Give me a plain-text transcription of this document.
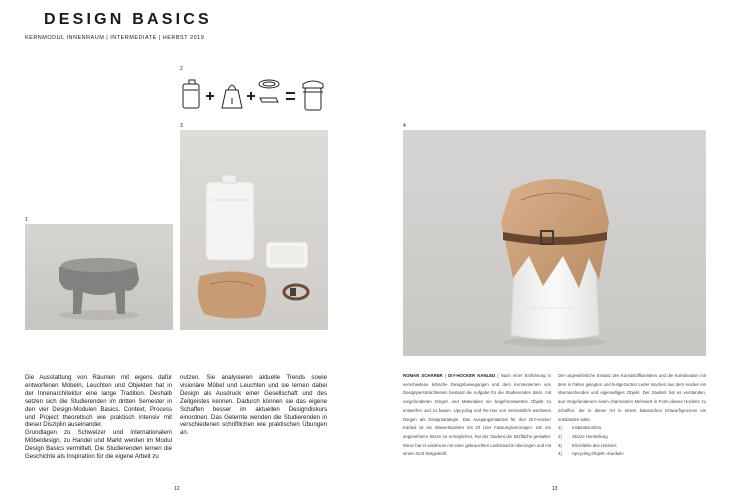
DESIGN BASICS
KERNMODUL INNENRAUM | INTERMEDIATE | HERBST 2019
1
2
3	4

Die Ausstattung von Räumen mit eigens dafür entworfenen Möbeln, Leuchten und Objekten hat in der Innenarchitektur eine lange Tradition. Deshalb setzen sich die Studierenden im dritten Semester in den vier Design-Modulen Basics, Context, Process und Project theoretisch wie praktisch intensiv mit dieser Disziplin auseinander.

Grundlagen zu Schweizer und internationalem Möbeldesign, zu Handel und Markt werden im Modul Design Basics vermittelt. Die Studierenden lernen die Geschichte als Inspiration für die eigene Arbeit zu

nutzen. Sie analysieren aktuelle Trends sowie visionäre Möbel und Leuchten und sie lernen dabei Design als Ausdruck einer Gesellschaft und des Zeitgeistes kennen. Dadurch können sie das eigene Schaffen besser im aktuellen Designdiskurs einordnen. Das Gelernte wenden die Studierenden in verschiedenen schriftlichen wie praktischen Übungen an.

12

ROMAN SCHÄRER | DIY-HOCKER KANLED | Nach einer Einführung in verschiedene kritische Designbewegungen und dem Kennenlernen von Designpersönlichkeiten bestand die Aufgabe für die Studierenden darin, mit vorgefundenen Dingen und Materialien ein begehrenswertes Objekt zu entwerfen und zu bauen. Upcycling und Re-Use von vermeintlich wertlosen Dingen als Designstrategie. Das Ausgangsmaterial für den DIY-Hocker Kanled ist ein Wasserkanister mit 20 Liter Fassungsvermögen. Um ein angenehmes Sitzen zu ermöglichen, hat der Student die Sitzfläche gestaltet. Diese hat er wiederum mit einer gebrauchten Ledertasche überzogen und mit einem Gurt festgestellt.

Der ungewöhnliche Einsatz des Kunststoffkanisters und die Kombination mit dem in Falten gelegten und festgezurrten Leder machen aus dem Hocker ein überraschendes und eigenwilliges Objekt. Der Student hat es verstanden, aus Vorgefundenem einen charmanten Mehrwert in Form dieses Hockers zu schaffen, der in dieser Art in einem klassischen Entwurfsprozess nie entstanden wäre.

1) Inspirationsfoto
2) Skizze Herstellung
3) Einzelteile des Hockers
4) Upcycling-Objekt «Kanled»
13
